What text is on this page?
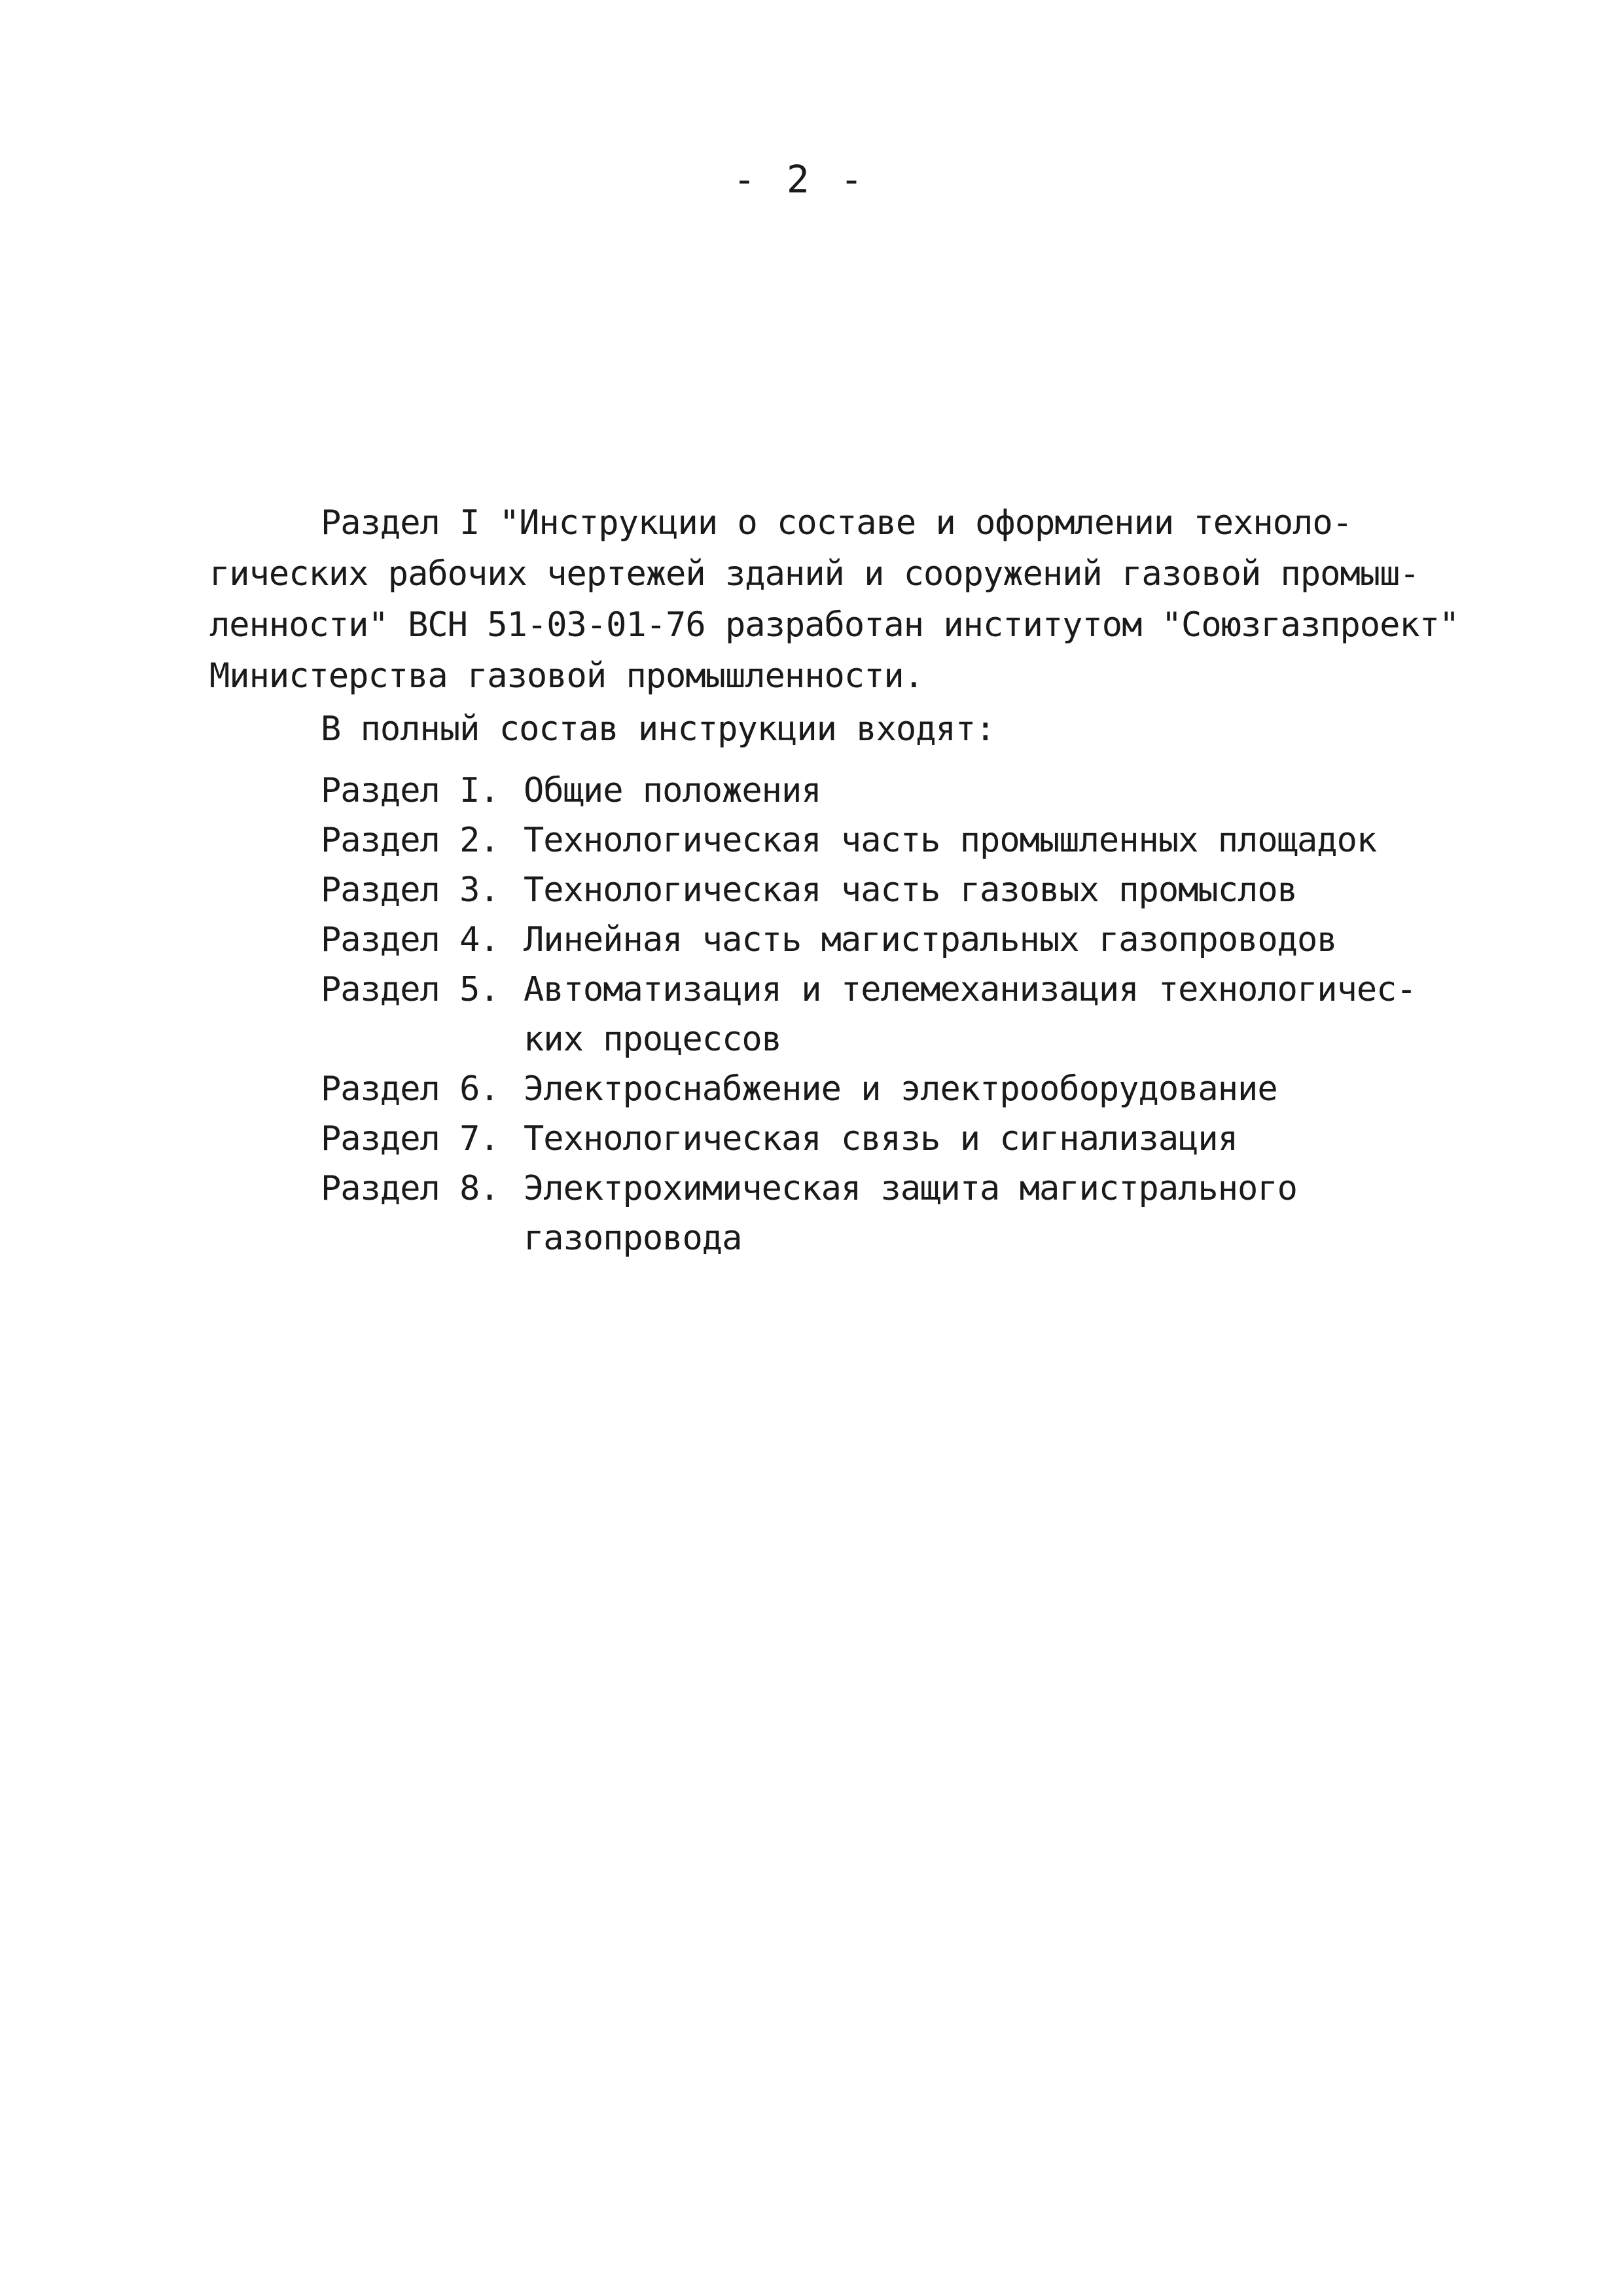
- 2 -
Раздел I "Инструкции о составе и оформлении техноло-
гических рабочих чертежей зданий и сооружений газовой промыш-
ленности" ВСН 51-03-01-76 разработан институтом "Союзгазпроект"
Министерства газовой промышленности.
В полный состав инструкции входят:
Раздел I. Общие положения
Раздел 2. Технологическая часть промышленных площадок
Раздел 3. Технологическая часть газовых промыслов
Раздел 4. Линейная часть магистральных газопроводов
Раздел 5. Автоматизация и телемеханизация технологичес-
ких процессов
Раздел 6. Электроснабжение и электрооборудование
Раздел 7. Технологическая связь и сигнализация
Раздел 8. Электрохимическая защита магистрального
газопровода
